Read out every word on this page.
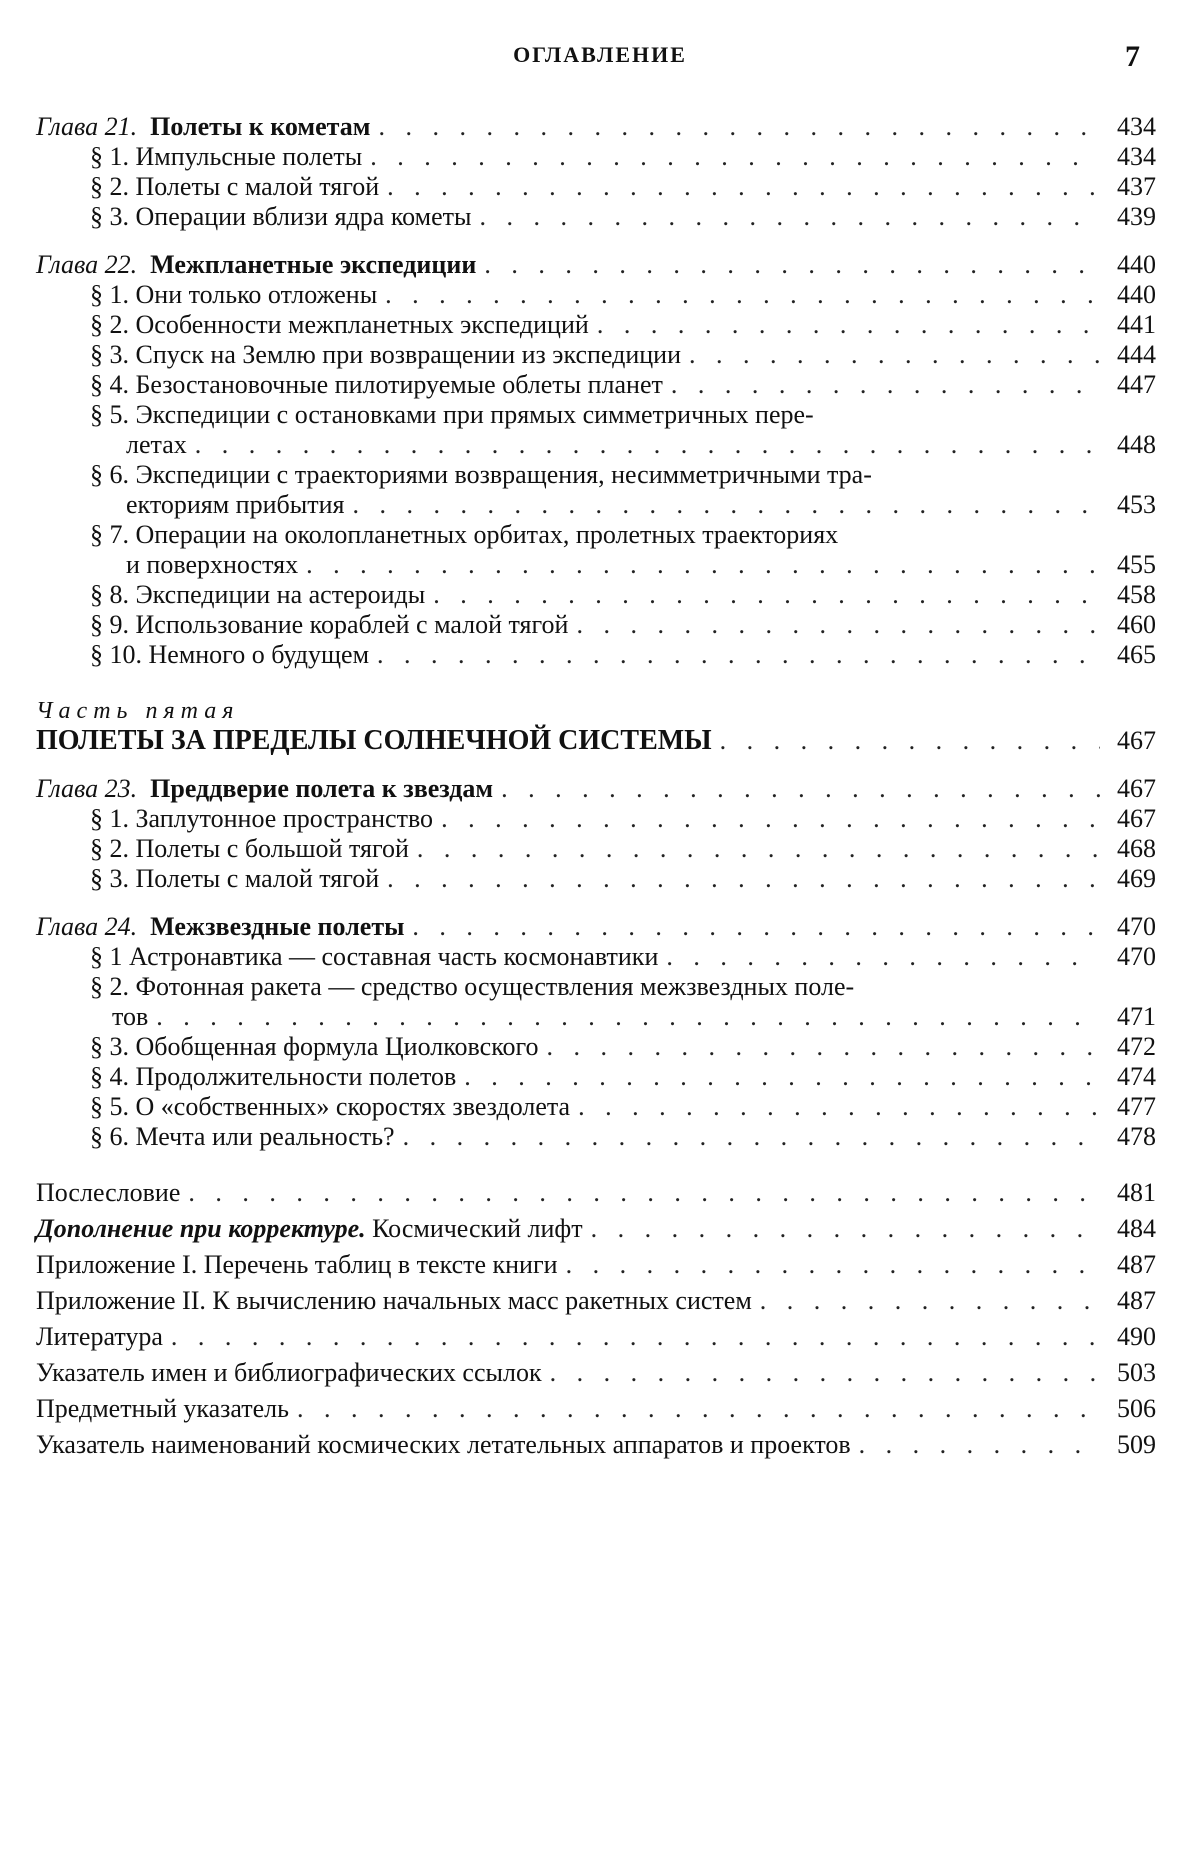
ОГЛАВЛЕНИЕ	7
Глава 21. Полеты к кометам . . .	434
§ 1. Импульсные полеты . . .	434
§ 2. Полеты с малой тягой . . .	437
§ 3. Операции вблизи ядра кометы . . .	439
Глава 22. Межпланетные экспедиции . . .	440
§ 1. Они только отложены . . .	440
§ 2. Особенности межпланетных экспедиций . . .	441
§ 3. Спуск на Землю при возвращении из экспедиции . . .	444
§ 4. Безостановочные пилотируемые облеты планет . . .	447
§ 5. Экспедиции с остановками при прямых симметричных пере-
летах . . .	448
§ 6. Экспедиции с траекториями возвращения, несимметричными тра-
екториям прибытия . . .	453
§ 7. Операции на околопланетных орбитах, пролетных траекториях
и поверхностях . . .	455
§ 8. Экспедиции на астероиды . . .	458
§ 9. Использование кораблей с малой тягой . . .	460
§ 10. Немного о будущем . . .	465
Часть пятая
ПОЛЕТЫ ЗА ПРЕДЕЛЫ СОЛНЕЧНОЙ СИСТЕМЫ . . .	467
Глава 23. Преддверие полета к звездам . . .	467
§ 1. Заплутонное пространство . . .	467
§ 2. Полеты с большой тягой . . .	468
§ 3. Полеты с малой тягой . . .	469
Глава 24. Межзвездные полеты . . .	470
§ 1 Астронавтика — составная часть космонавтики . . .	470
§ 2. Фотонная ракета — средство осуществления межзвездных поле-
тов . . .	471
§ 3. Обобщенная формула Циолковского . . .	472
§ 4. Продолжительности полетов . . .	474
§ 5. О «собственных» скоростях звездолета . . .	477
§ 6. Мечта или реальность? . . .	478
Послесловие . . .	481
Дополнение при корректуре. Космический лифт . . .	484
Приложение I. Перечень таблиц в тексте книги . . .	487
Приложение II. К вычислению начальных масс ракетных систем . . .	487
Литература . . .	490
Указатель имен и библиографических ссылок . . .	503
Предметный указатель . . .	506
Указатель наименований космических летательных аппаратов и проектов . . .	509
